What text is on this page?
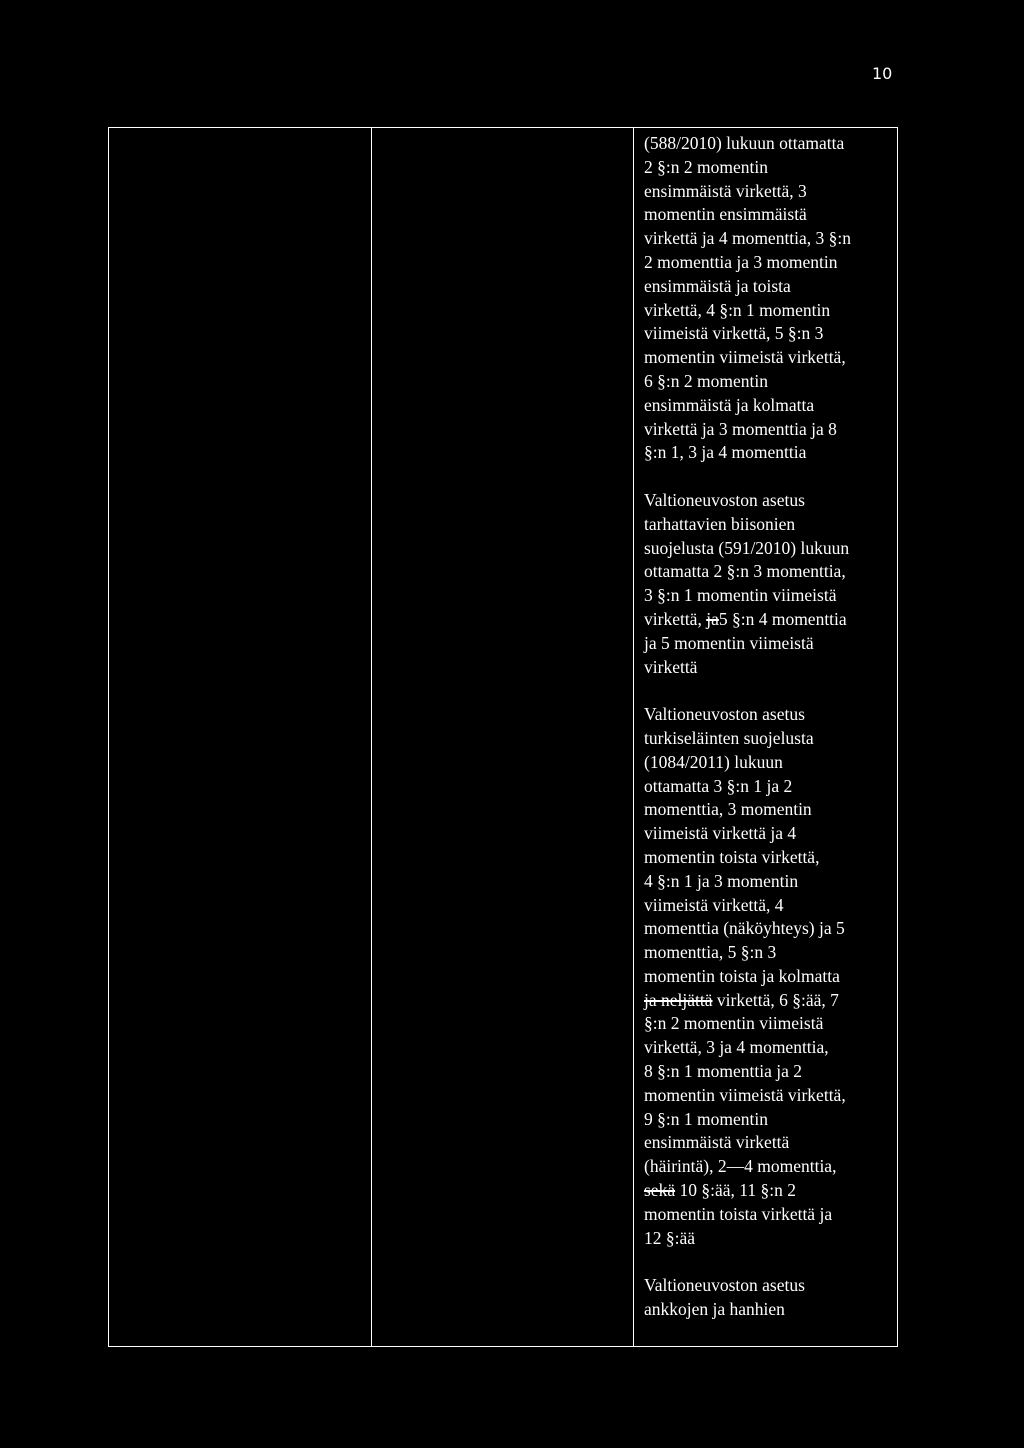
10

(588/2010) lukuun ottamatta
2 §:n 2 momentin
ensimmäistä virkettä, 3
momentin ensimmäistä
virkettä ja 4 momenttia, 3 §:n
2 momenttia ja 3 momentin
ensimmäistä ja toista
virkettä, 4 §:n 1 momentin
viimeistä virkettä, 5 §:n 3
momentin viimeistä virkettä,
6 §:n 2 momentin
ensimmäistä ja kolmatta
virkettä ja 3 momenttia ja 8
§:n 1, 3 ja 4 momenttia
Valtioneuvoston asetus
tarhattavien biisonien
suojelusta (591/2010) lukuun
ottamatta 2 §:n 3 momenttia,
3 §:n 1 momentin viimeistä
virkettä, ja5 §:n 4 momenttia
ja 5 momentin viimeistä
virkettä
Valtioneuvoston asetus
turkiseläinten suojelusta
(1084/2011) lukuun
ottamatta 3 §:n 1 ja 2
momenttia, 3 momentin
viimeistä virkettä ja 4
momentin toista virkettä,
4 §:n 1 ja 3 momentin
viimeistä virkettä, 4
momenttia (näköyhteys) ja 5
momenttia, 5 §:n 3
momentin toista ja kolmatta
ja neljättä virkettä, 6 §:ää, 7
§:n 2 momentin viimeistä
virkettä, 3 ja 4 momenttia,
8 §:n 1 momenttia ja 2
momentin viimeistä virkettä,
9 §:n 1 momentin
ensimmäistä virkettä
(häirintä), 2—4 momenttia,
sekä 10 §:ää, 11 §:n 2
momentin toista virkettä ja
12 §:ää
Valtioneuvoston asetus
ankkojen ja hanhien
